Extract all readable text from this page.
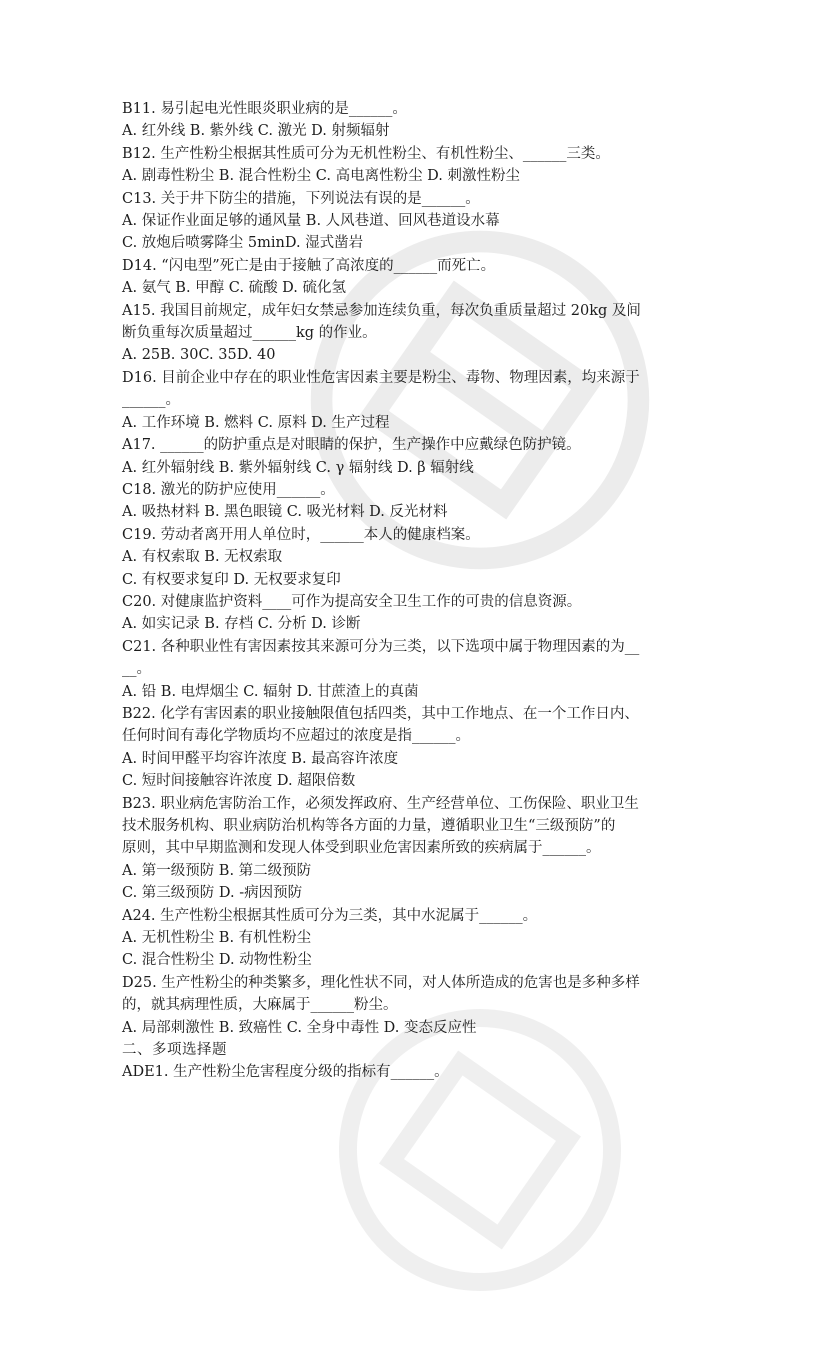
B11. 易引起电光性眼炎职业病的是______。
A. 红外线 B. 紫外线 C. 激光 D. 射频辐射
B12. 生产性粉尘根据其性质可分为无机性粉尘、有机性粉尘、______三类。
A. 剧毒性粉尘 B. 混合性粉尘 C. 高电离性粉尘 D. 刺激性粉尘
C13. 关于井下防尘的措施，下列说法有误的是______。
A. 保证作业面足够的通风量 B. 人风巷道、回风巷道设水幕
C. 放炮后喷雾降尘 5minD. 湿式凿岩
D14. “闪电型”死亡是由于接触了高浓度的______而死亡。
A. 氨气 B. 甲醇 C. 硫酸 D. 硫化氢
A15. 我国目前规定，成年妇女禁忌参加连续负重，每次负重质量超过 20kg 及间
断负重每次质量超过______kg 的作业。
A. 25B. 30C. 35D. 40
D16. 目前企业中存在的职业性危害因素主要是粉尘、毒物、物理因素，均来源于
______。
A. 工作环境 B. 燃料 C. 原料 D. 生产过程
A17. ______的防护重点是对眼睛的保护，生产操作中应戴绿色防护镜。
A. 红外辐射线 B. 紫外辐射线 C. γ 辐射线 D. β 辐射线
C18. 激光的防护应使用______。
A. 吸热材料 B. 黑色眼镜 C. 吸光材料 D. 反光材料
C19. 劳动者离开用人单位时，______本人的健康档案。
A. 有权索取 B. 无权索取
C. 有权要求复印 D. 无权要求复印
C20. 对健康监护资料____可作为提高安全卫生工作的可贵的信息资源。
A. 如实记录 B. 存档 C. 分析 D. 诊断
C21. 各种职业性有害因素按其来源可分为三类，以下选项中属于物理因素的为__
__。
A. 铅 B. 电焊烟尘 C. 辐射 D. 甘蔗渣上的真菌
B22. 化学有害因素的职业接触限值包括四类，其中工作地点、在一个工作日内、
任何时间有毒化学物质均不应超过的浓度是指______。
A. 时间甲醛平均容许浓度 B. 最高容许浓度
C. 短时间接触容许浓度 D. 超限倍数
B23. 职业病危害防治工作，必须发挥政府、生产经营单位、工伤保险、职业卫生
技术服务机构、职业病防治机构等各方面的力量，遵循职业卫生“三级预防”的
原则，其中早期监测和发现人体受到职业危害因素所致的疾病属于______。
A. 第一级预防 B. 第二级预防
C. 第三级预防 D. -病因预防
A24. 生产性粉尘根据其性质可分为三类，其中水泥属于______。
A. 无机性粉尘 B. 有机性粉尘
C. 混合性粉尘 D. 动物性粉尘
D25. 生产性粉尘的种类繁多，理化性状不同，对人体所造成的危害也是多种多样
的，就其病理性质，大麻属于______粉尘。
A. 局部刺激性 B. 致癌性 C. 全身中毒性 D. 变态反应性
二、多项选择题
ADE1. 生产性粉尘危害程度分级的指标有______。
